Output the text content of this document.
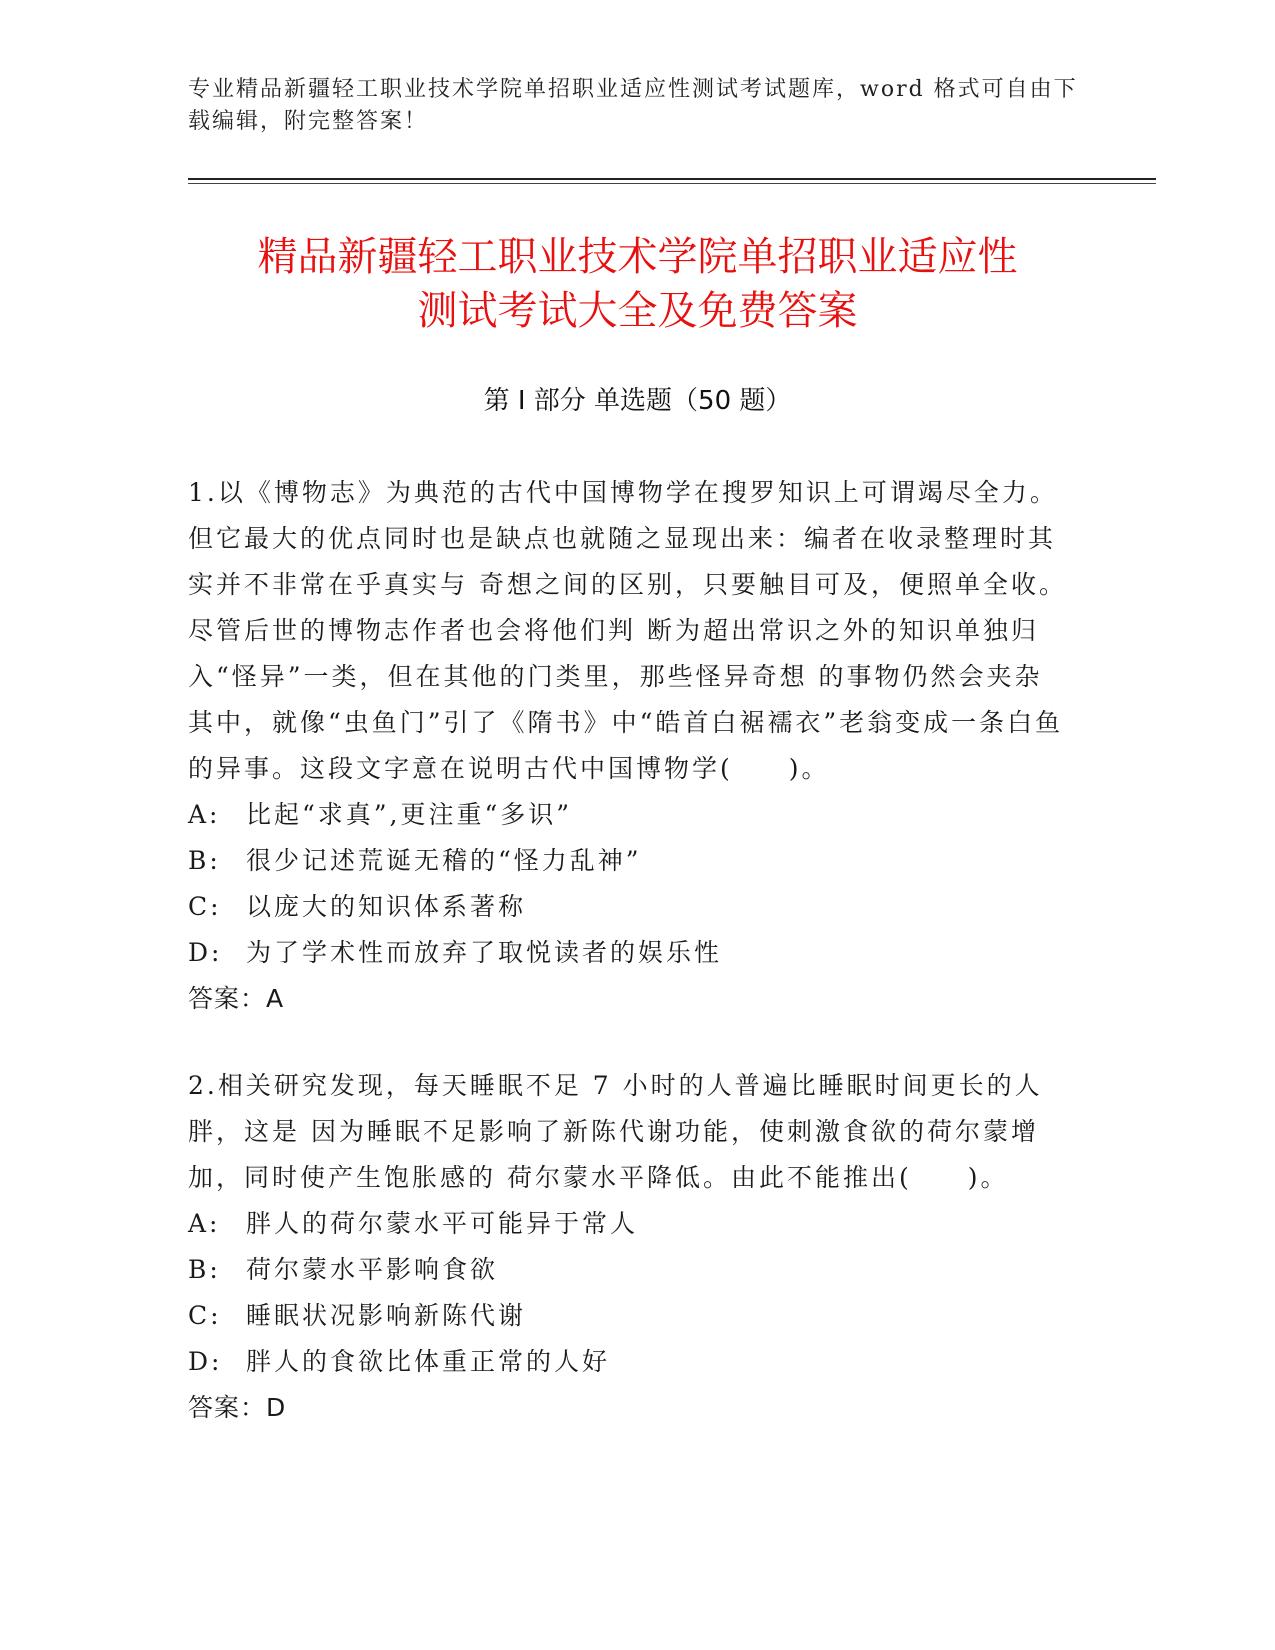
专业精品新疆轻工职业技术学院单招职业适应性测试考试题库，word 格式可自由下载编辑，附完整答案！
精品新疆轻工职业技术学院单招职业适应性
测试考试大全及免费答案
第 I 部分 单选题（50 题）

1.以《博物志》为典范的古代中国博物学在搜罗知识上可谓竭尽全力。但它最大的优点同时也是缺点也就随之显现出来：编者在收录整理时其实并不非常在乎真实与 奇想之间的区别，只要触目可及，便照单全收。尽管后世的博物志作者也会将他们判 断为超出常识之外的知识单独归入“怪异”一类，但在其他的门类里，那些怪异奇想 的事物仍然会夹杂其中，就像“虫鱼门”引了《隋书》中“皓首白裾襦衣”老翁变成一条白鱼的异事。这段文字意在说明古代中国博物学(　　)。

A:	比起“求真”,更注重“多识”

B:	很少记述荒诞无稽的“怪力乱神”

C: 以庞大的知识体系著称

D: 为了学术性而放弃了取悦读者的娱乐性

答案：A

2.相关研究发现，每天睡眠不足 7 小时的人普遍比睡眠时间更长的人胖，这是 因为睡眠不足影响了新陈代谢功能，使刺激食欲的荷尔蒙增加，同时使产生饱胀感的 荷尔蒙水平降低。由此不能推出(　　)。

A:	胖人的荷尔蒙水平可能异于常人

B:	荷尔蒙水平影响食欲

C: 睡眠状况影响新陈代谢

D: 胖人的食欲比体重正常的人好

答案：D
